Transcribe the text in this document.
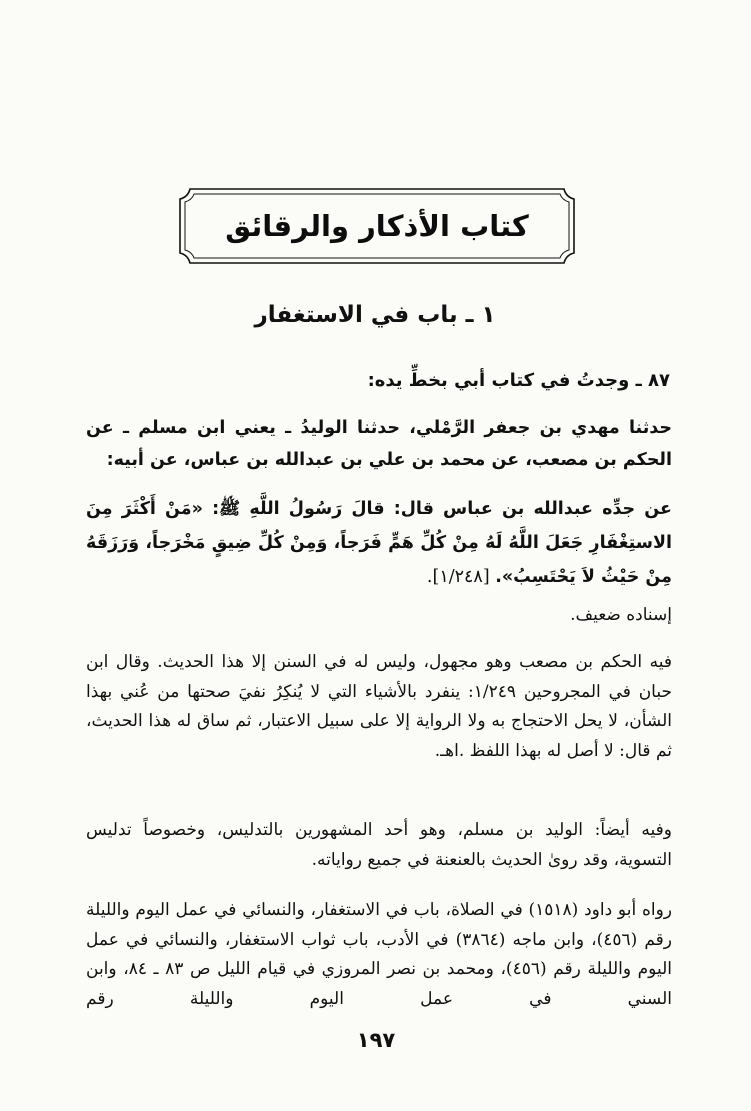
كتاب الأذكار والرقائق
١ ـ باب في الاستغفار
٨٧ ـ وجدتُ في كتاب أبي بخطِّ يده:

حدثنا مهدي بن جعفر الرَّمْلي، حدثنا الوليدُ ـ يعني ابن مسلم ـ عن الحكم بن مصعب، عن محمد بن علي بن عبدالله بن عباس، عن أبيه:

عن جدِّه عبدالله بن عباس قال: قالَ رَسُولُ اللَّهِ ﷺ: «مَنْ أَكْثَرَ مِنَ الاستِغْفَارِ جَعَلَ اللَّهُ لَهُ مِنْ كُلِّ هَمٍّ فَرَجاً، وَمِنْ كُلِّ ضِيقٍ مَخْرَجاً، وَرَزَقَهُ مِنْ حَيْثُ لاَ يَحْتَسِبُ». [١/٢٤٨].

إسناده ضعيف.
فيه الحكم بن مصعب وهو مجهول، وليس له في السنن إلا هذا الحديث. وقال ابن حبان في المجروحين ١/٢٤٩: ينفرد بالأشياء التي لا يُنكِرُ نفيَ صحتها من عُني بهذا الشأن، لا يحل الاحتجاج به ولا الرواية إلا على سبيل الاعتبار، ثم ساق له هذا الحديث، ثم قال: لا أصل له بهذا اللفظ .اهـ.
وفيه أيضاً: الوليد بن مسلم، وهو أحد المشهورين بالتدليس، وخصوصاً تدليس التسوية، وقد روىٰ الحديث بالعنعنة في جميع رواياته.
رواه أبو داود (١٥١٨) في الصلاة، باب في الاستغفار، والنسائي في عمل اليوم والليلة رقم (٤٥٦)، وابن ماجه (٣٨٦٤) في الأدب، باب ثواب الاستغفار، والنسائي في عمل اليوم والليلة رقم (٤٥٦)، ومحمد بن نصر المروزي في قيام الليل ص ٨٣ ـ ٨٤، وابن السني في عمل اليوم والليلة رقم
١٩٧
